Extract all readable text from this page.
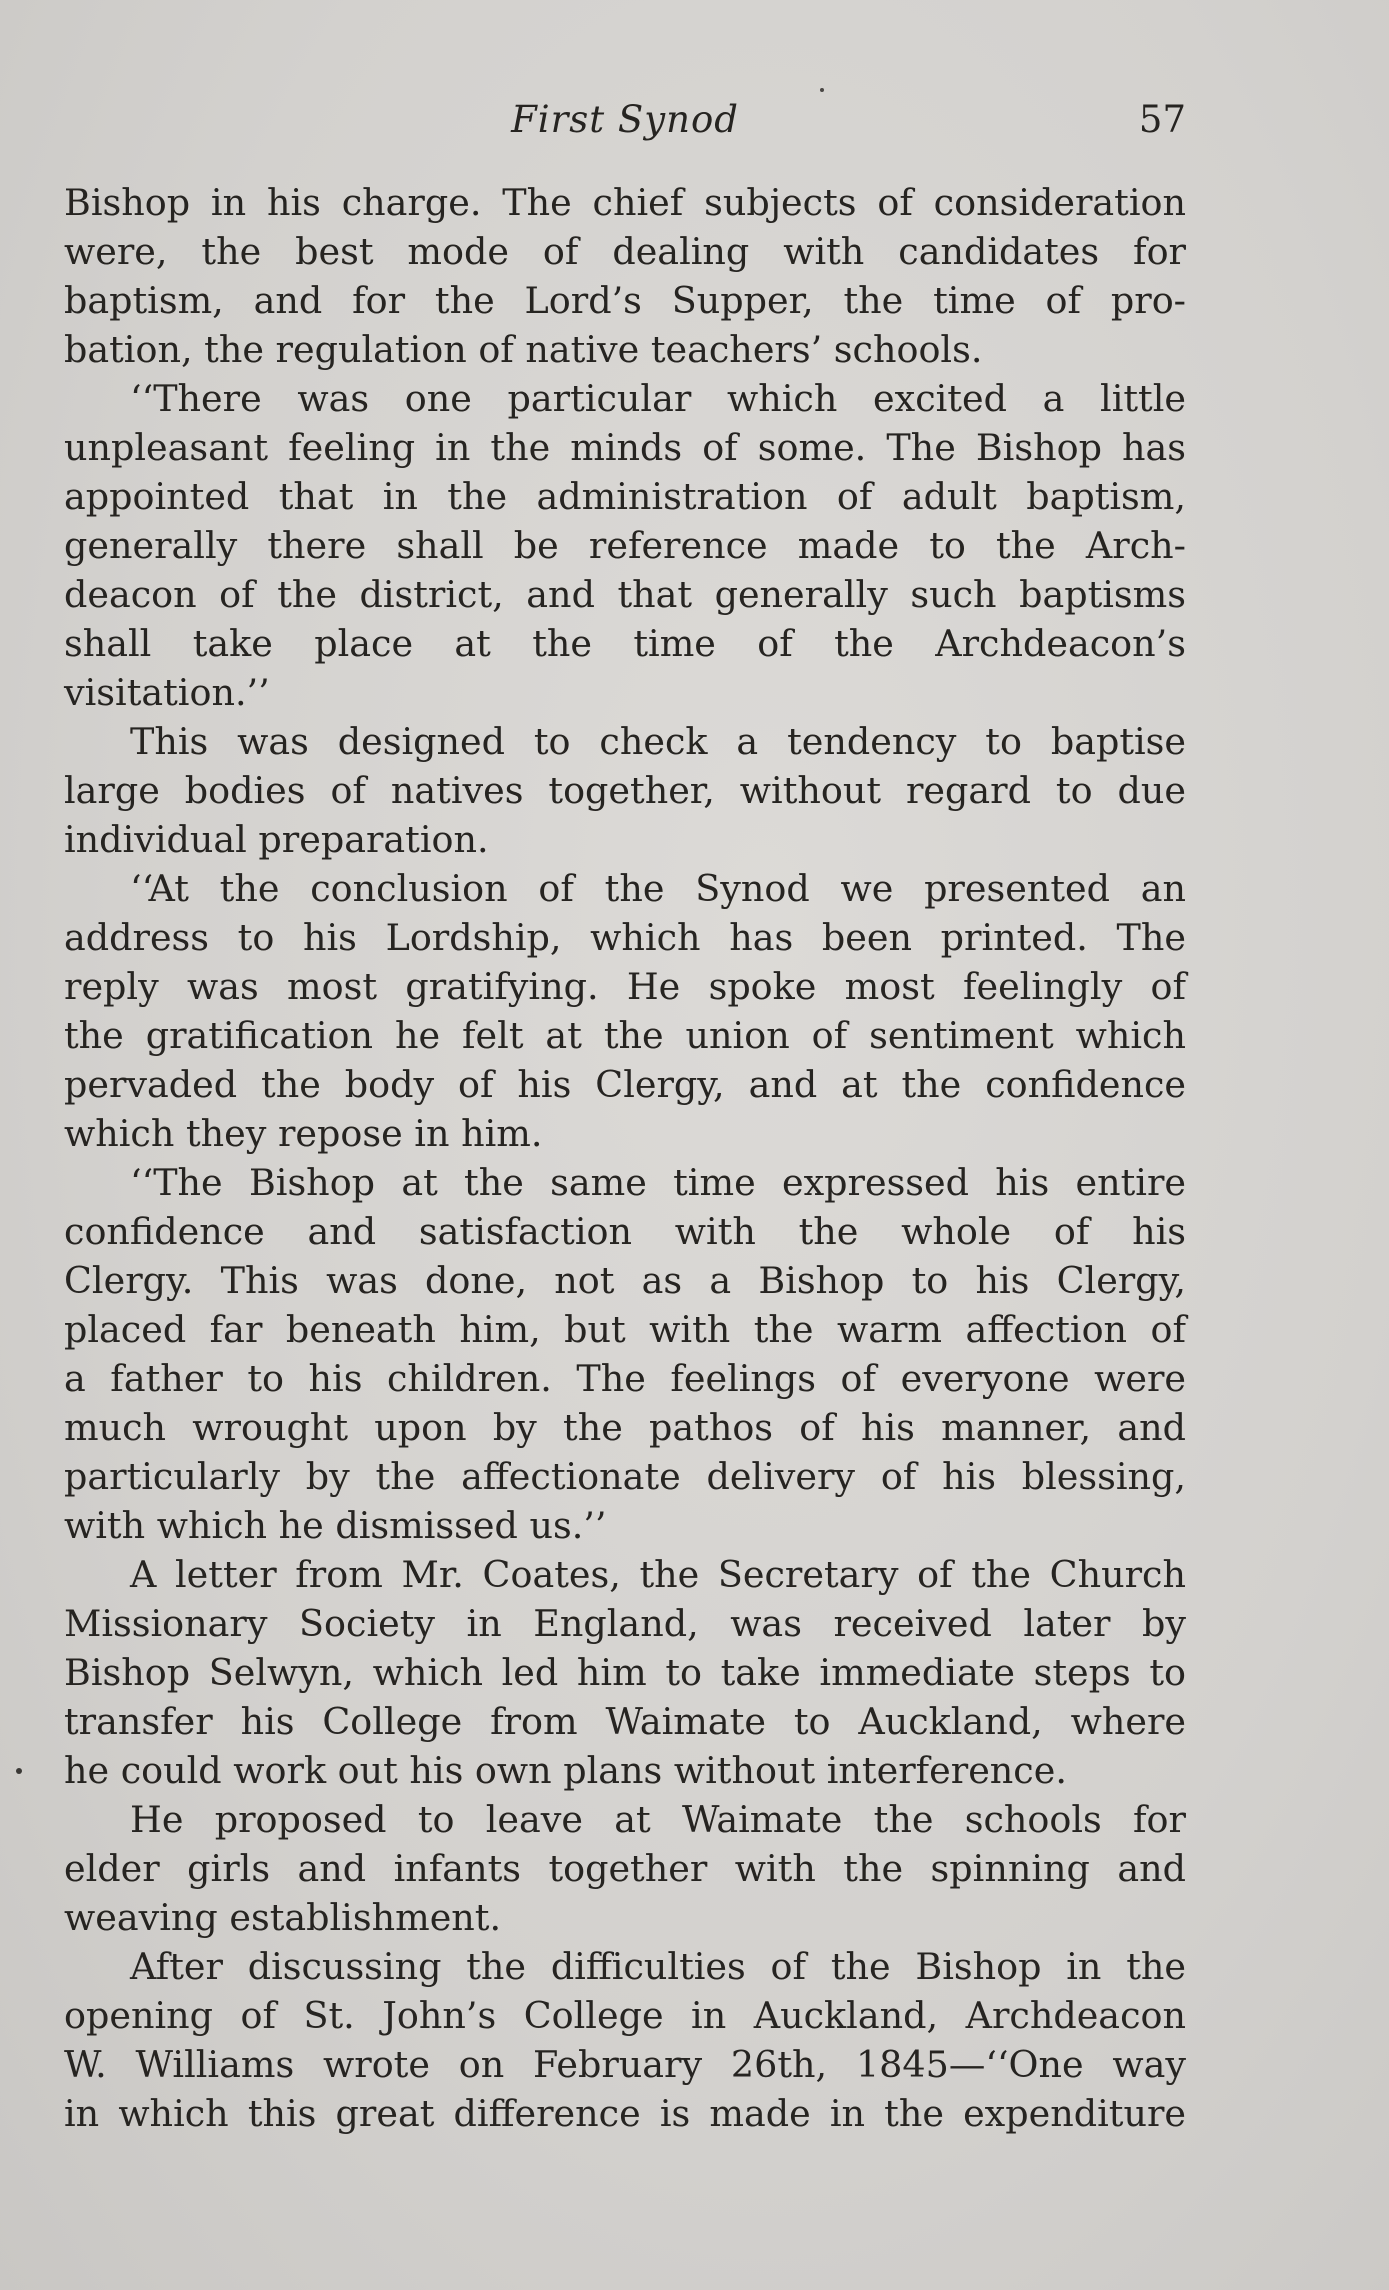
First Synod	57
Bishop in his charge. The chief subjects of consideration
were, the best mode of dealing with candidates for
baptism, and for the Lord’s Supper, the time of pro-
bation, the regulation of native teachers’ schools.
‘‘There was one particular which excited a little
unpleasant feeling in the minds of some. The Bishop has
appointed that in the administration of adult baptism,
generally there shall be reference made to the Arch-
deacon of the district, and that generally such baptisms
shall take place at the time of the Archdeacon’s
visitation.’’
This was designed to check a tendency to baptise
large bodies of natives together, without regard to due
individual preparation.
‘‘At the conclusion of the Synod we presented an
address to his Lordship, which has been printed. The
reply was most gratifying. He spoke most feelingly of
the gratification he felt at the union of sentiment which
pervaded the body of his Clergy, and at the confidence
which they repose in him.
‘‘The Bishop at the same time expressed his entire
confidence and satisfaction with the whole of his
Clergy. This was done, not as a Bishop to his Clergy,
placed far beneath him, but with the warm affection of
a father to his children. The feelings of everyone were
much wrought upon by the pathos of his manner, and
particularly by the affectionate delivery of his blessing,
with which he dismissed us.’’
A letter from Mr. Coates, the Secretary of the Church
Missionary Society in England, was received later by
Bishop Selwyn, which led him to take immediate steps to
transfer his College from Waimate to Auckland, where
he could work out his own plans without interference.
He proposed to leave at Waimate the schools for
elder girls and infants together with the spinning and
weaving establishment.
After discussing the difficulties of the Bishop in the
opening of St. John’s College in Auckland, Archdeacon
W. Williams wrote on February 26th, 1845—‘‘One way
in which this great difference is made in the expenditure
